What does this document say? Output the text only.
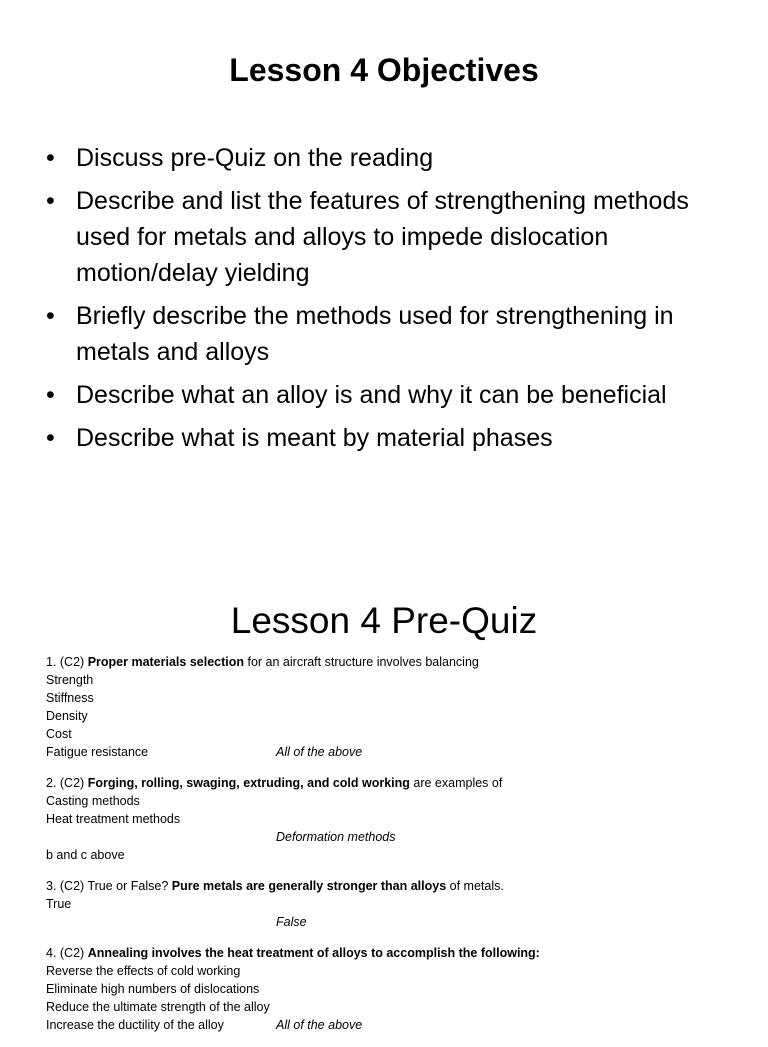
Lesson 4 Objectives
• Discuss pre-Quiz on the reading
• Describe and list the features of strengthening methods used for metals and alloys to impede dislocation motion/delay yielding
• Briefly describe the methods used for strengthening in metals and alloys
• Describe what an alloy is and why it can be beneficial
• Describe what is meant by material phases
Lesson 4 Pre-Quiz
1. (C2) Proper materials selection for an aircraft structure involves balancing
Strength
Stiffness
Density
Cost
Fatigue resistance	All of the above
2. (C2) Forging, rolling, swaging, extruding, and cold working are examples of
Casting methods
Heat treatment methods
Deformation methods
b and c above
3. (C2) True or False? Pure metals are generally stronger than alloys of metals.
True
False
4. (C2) Annealing involves the heat treatment of alloys to accomplish the following:
Reverse the effects of cold working
Eliminate high numbers of dislocations
Reduce the ultimate strength of the alloy
Increase the ductility of the alloy	All of the above
